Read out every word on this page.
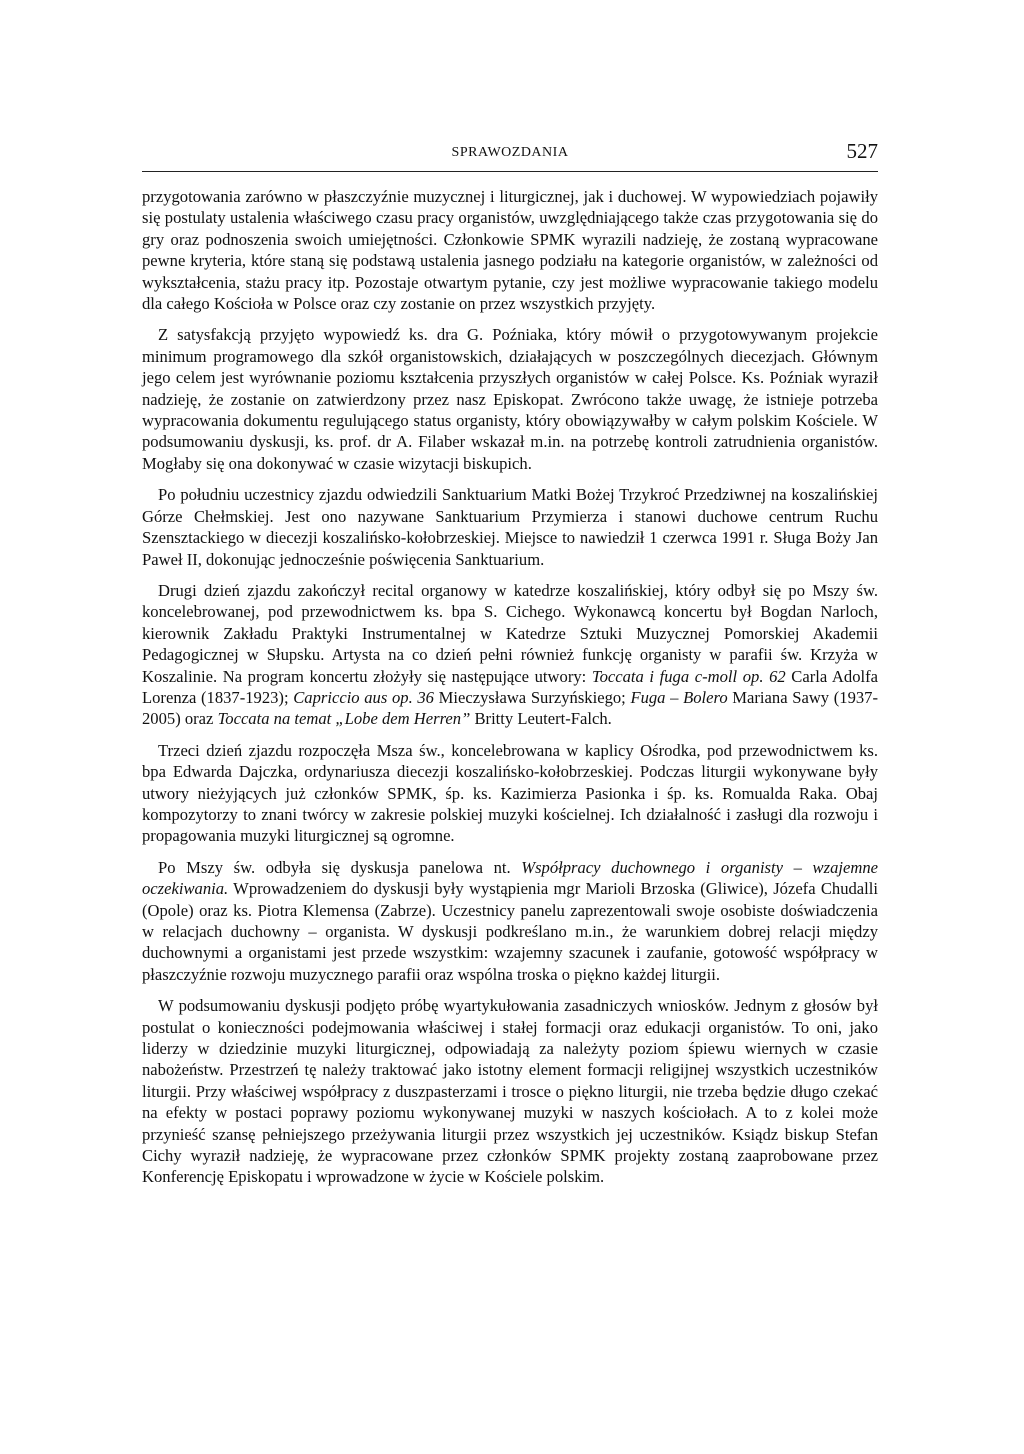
SPRAWOZDANIA	527

przygotowania zarówno w płaszczyźnie muzycznej i liturgicznej, jak i duchowej. W wypowiedziach pojawiły się postulaty ustalenia właściwego czasu pracy organistów, uwzględniającego także czas przygotowania się do gry oraz podnoszenia swoich umiejętności. Członkowie SPMK wyrazili nadzieję, że zostaną wypracowane pewne kryteria, które staną się podstawą ustalenia jasnego podziału na kategorie organistów, w zależności od wykształcenia, stażu pracy itp. Pozostaje otwartym pytanie, czy jest możliwe wypracowanie takiego modelu dla całego Kościoła w Polsce oraz czy zostanie on przez wszystkich przyjęty.

Z satysfakcją przyjęto wypowiedź ks. dra G. Poźniaka, który mówił o przygotowywanym projekcie minimum programowego dla szkół organistowskich, działających w poszczególnych diecezjach. Głównym jego celem jest wyrównanie poziomu kształcenia przyszłych organistów w całej Polsce. Ks. Poźniak wyraził nadzieję, że zostanie on zatwierdzony przez nasz Episkopat. Zwrócono także uwagę, że istnieje potrzeba wypracowania dokumentu regulującego status organisty, który obowiązywałby w całym polskim Kościele. W podsumowaniu dyskusji, ks. prof. dr A. Filaber wskazał m.in. na potrzebę kontroli zatrudnienia organistów. Mogłaby się ona dokonywać w czasie wizytacji biskupich.

Po południu uczestnicy zjazdu odwiedzili Sanktuarium Matki Bożej Trzykroć Przedziwnej na koszalińskiej Górze Chełmskiej. Jest ono nazywane Sanktuarium Przymierza i stanowi duchowe centrum Ruchu Szensztackiego w diecezji koszalińsko-kołobrzeskiej. Miejsce to nawiedził 1 czerwca 1991 r. Sługa Boży Jan Paweł II, dokonując jednocześnie poświęcenia Sanktuarium.

Drugi dzień zjazdu zakończył recital organowy w katedrze koszalińskiej, który odbył się po Mszy św. koncelebrowanej, pod przewodnictwem ks. bpa S. Cichego. Wykonawcą koncertu był Bogdan Narloch, kierownik Zakładu Praktyki Instrumentalnej w Katedrze Sztuki Muzycznej Pomorskiej Akademii Pedagogicznej w Słupsku. Artysta na co dzień pełni również funkcję organisty w parafii św. Krzyża w Koszalinie. Na program koncertu złożyły się następujące utwory: Toccata i fuga c-moll op. 62 Carla Adolfa Lorenza (1837-1923); Capriccio aus op. 36 Mieczysława Surzyńskiego; Fuga – Bolero Mariana Sawy (1937-2005) oraz Toccata na temat „Lobe dem Herren” Britty Leutert-Falch.

Trzeci dzień zjazdu rozpoczęła Msza św., koncelebrowana w kaplicy Ośrodka, pod przewodnictwem ks. bpa Edwarda Dajczka, ordynariusza diecezji koszalińsko-kołobrzeskiej. Podczas liturgii wykonywane były utwory nieżyjących już członków SPMK, śp. ks. Kazimierza Pasionka i śp. ks. Romualda Raka. Obaj kompozytorzy to znani twórcy w zakresie polskiej muzyki kościelnej. Ich działalność i zasługi dla rozwoju i propagowania muzyki liturgicznej są ogromne.

Po Mszy św. odbyła się dyskusja panelowa nt. Współpracy duchownego i organisty – wzajemne oczekiwania. Wprowadzeniem do dyskusji były wystąpienia mgr Marioli Brzoska (Gliwice), Józefa Chudalli (Opole) oraz ks. Piotra Klemensa (Zabrze). Uczestnicy panelu zaprezentowali swoje osobiste doświadczenia w relacjach duchowny – organista. W dyskusji podkreślano m.in., że warunkiem dobrej relacji między duchownymi a organistami jest przede wszystkim: wzajemny szacunek i zaufanie, gotowość współpracy w płaszczyźnie rozwoju muzycznego parafii oraz wspólna troska o piękno każdej liturgii.

W podsumowaniu dyskusji podjęto próbę wyartykułowania zasadniczych wniosków. Jednym z głosów był postulat o konieczności podejmowania właściwej i stałej formacji oraz edukacji organistów. To oni, jako liderzy w dziedzinie muzyki liturgicznej, odpowiadają za należyty poziom śpiewu wiernych w czasie nabożeństw. Przestrzeń tę należy traktować jako istotny element formacji religijnej wszystkich uczestników liturgii. Przy właściwej współpracy z duszpasterzami i trosce o piękno liturgii, nie trzeba będzie długo czekać na efekty w postaci poprawy poziomu wykonywanej muzyki w naszych kościołach. A to z kolei może przynieść szansę pełniejszego przeżywania liturgii przez wszystkich jej uczestników. Ksiądz biskup Stefan Cichy wyraził nadzieję, że wypracowane przez członków SPMK projekty zostaną zaaprobowane przez Konferencję Episkopatu i wprowadzone w życie w Kościele polskim.
